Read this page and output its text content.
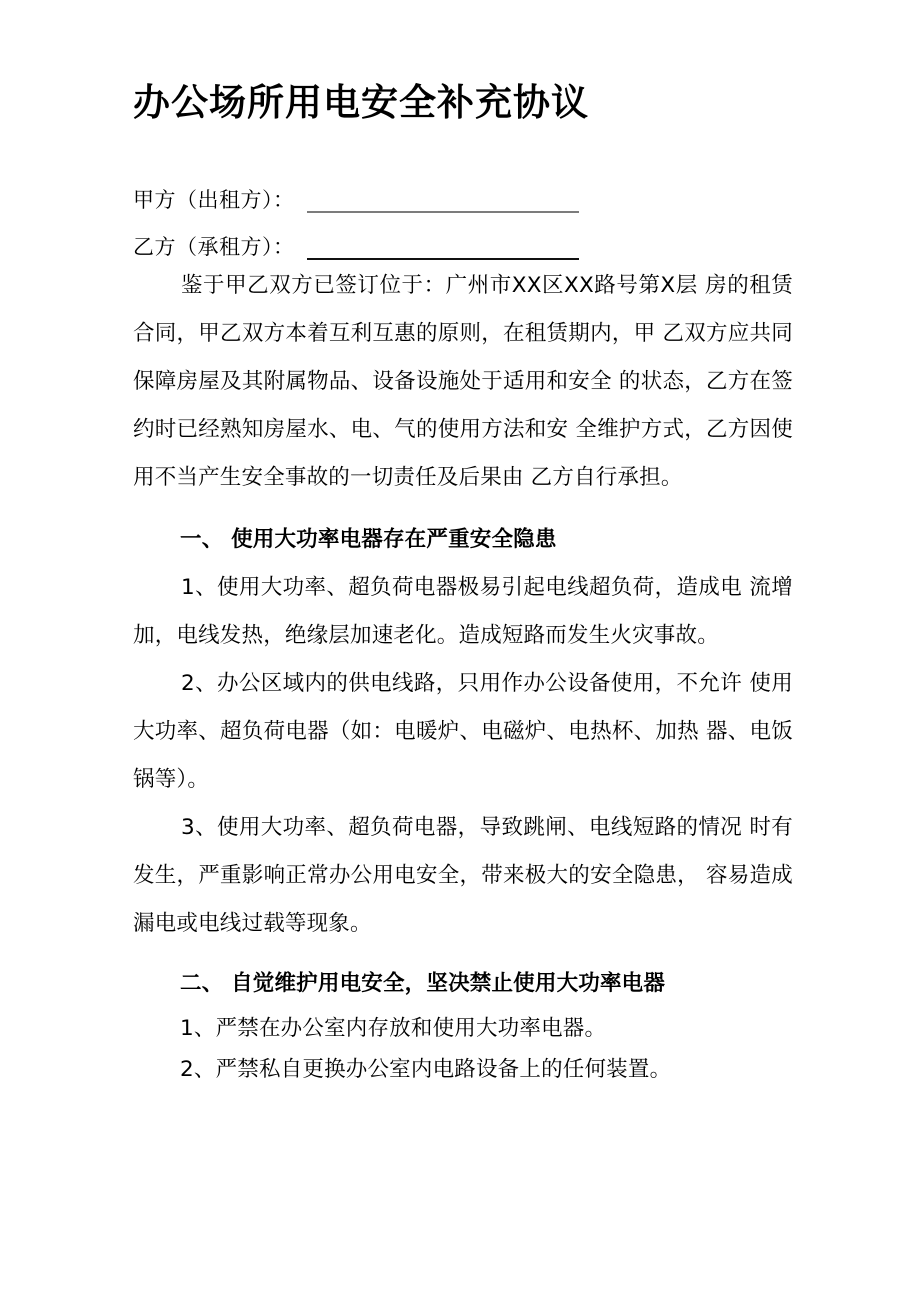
办公场所用电安全补充协议
甲方（出租方）：
乙方（承租方）：

鉴于甲乙双方已签订位于：广州市XX区XX路号第X层 房的租赁合同，甲乙双方本着互利互惠的原则，在租赁期内，甲 乙双方应共同保障房屋及其附属物品、设备设施处于适用和安全 的状态，乙方在签约时已经熟知房屋水、电、气的使用方法和安 全维护方式，乙方因使用不当产生安全事故的一切责任及后果由 乙方自行承担。

一、 使用大功率电器存在严重安全隐患

1、使用大功率、超负荷电器极易引起电线超负荷，造成电 流增加，电线发热，绝缘层加速老化。造成短路而发生火灾事故。

2、办公区域内的供电线路，只用作办公设备使用，不允许 使用大功率、超负荷电器（如：电暖炉、电磁炉、电热杯、加热 器、电饭锅等）。

3、使用大功率、超负荷电器，导致跳闸、电线短路的情况 时有发生，严重影响正常办公用电安全，带来极大的安全隐患， 容易造成漏电或电线过载等现象。

二、 自觉维护用电安全，坚决禁止使用大功率电器

1、严禁在办公室内存放和使用大功率电器。

2、严禁私自更换办公室内电路设备上的任何装置。
